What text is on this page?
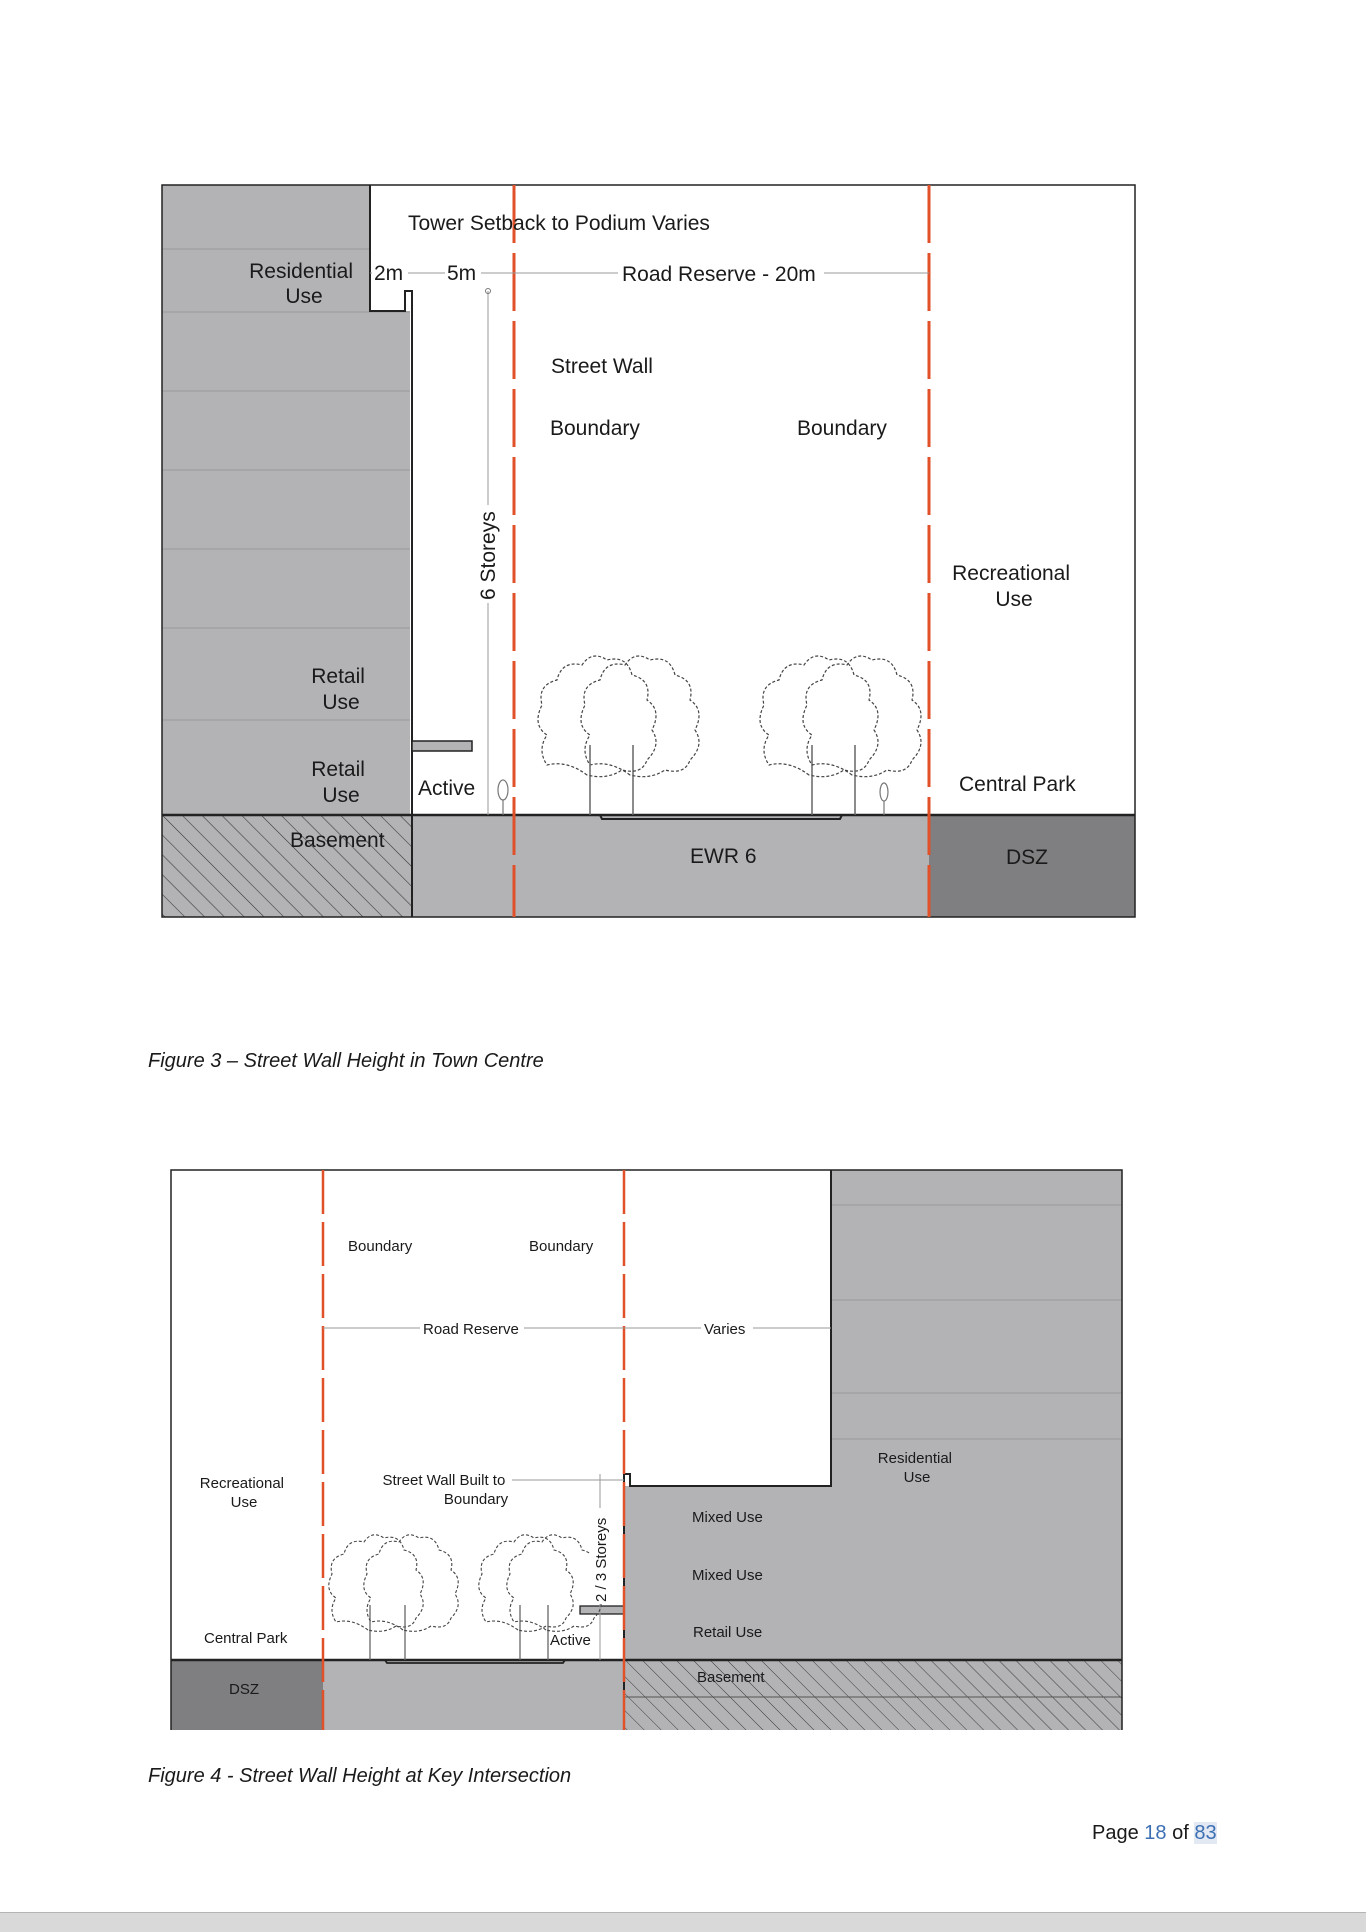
Tower Setback to Podium Varies
Residential Use
2m 5m	Road Reserve - 20m
Street Wall
Boundary	Boundary
6 Storeys	Recreational Use
Retail Use
Retail Use	Active	Central Park
Basement
EWR 6	DSZ
Figure 3 – Street Wall Height in Town Centre
Boundary	Boundary
Road Reserve	Varies
Recreational Use
Street Wall Built to Boundary
2 / 3 Storeys
Residential Use
Mixed Use
Mixed Use
Retail Use
Central Park	Active
Basement
DSZ
Figure 4 - Street Wall Height at Key Intersection
Page 18 of 83
